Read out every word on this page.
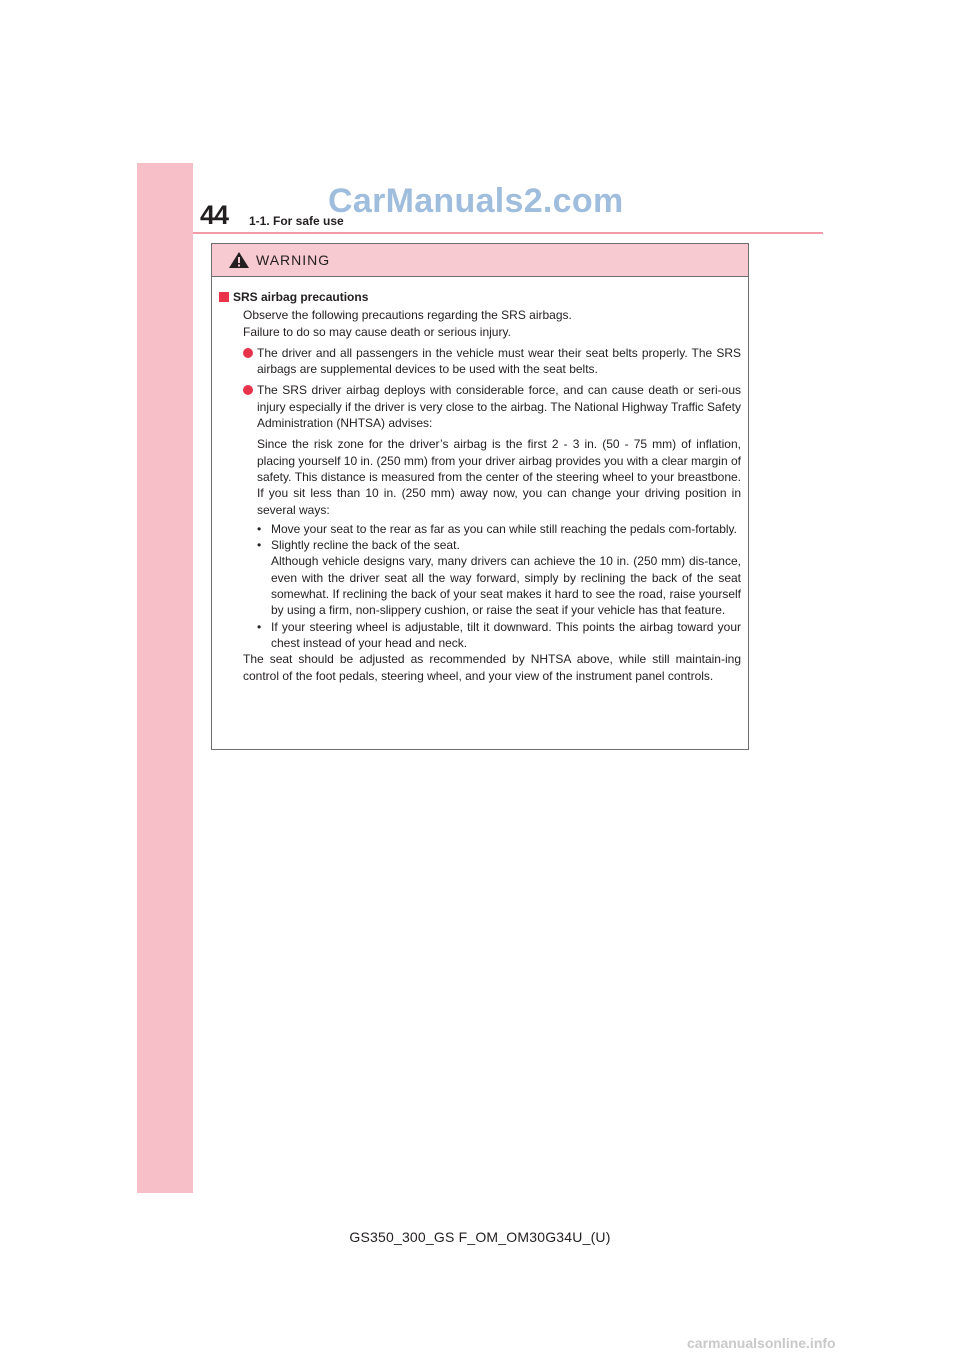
44 1-1. For safe use
CarManuals2.com
WARNING
SRS airbag precautions
Observe the following precautions regarding the SRS airbags.
Failure to do so may cause death or serious injury.
The driver and all passengers in the vehicle must wear their seat belts properly. The SRS airbags are supplemental devices to be used with the seat belts.
The SRS driver airbag deploys with considerable force, and can cause death or seri-ous injury especially if the driver is very close to the airbag. The National Highway Traffic Safety Administration (NHTSA) advises:
Since the risk zone for the driver’s airbag is the first 2 - 3 in. (50 - 75 mm) of inflation, placing yourself 10 in. (250 mm) from your driver airbag provides you with a clear margin of safety. This distance is measured from the center of the steering wheel to your breastbone. If you sit less than 10 in. (250 mm) away now, you can change your driving position in several ways:
• Move your seat to the rear as far as you can while still reaching the pedals com-fortably.
• Slightly recline the back of the seat.
Although vehicle designs vary, many drivers can achieve the 10 in. (250 mm) dis-tance, even with the driver seat all the way forward, simply by reclining the back of the seat somewhat. If reclining the back of your seat makes it hard to see the road, raise yourself by using a firm, non-slippery cushion, or raise the seat if your vehicle has that feature.
• If your steering wheel is adjustable, tilt it downward. This points the airbag toward your chest instead of your head and neck.
The seat should be adjusted as recommended by NHTSA above, while still maintain-ing control of the foot pedals, steering wheel, and your view of the instrument panel controls.
GS350_300_GS F_OM_OM30G34U_(U)
carmanualsonline.info
